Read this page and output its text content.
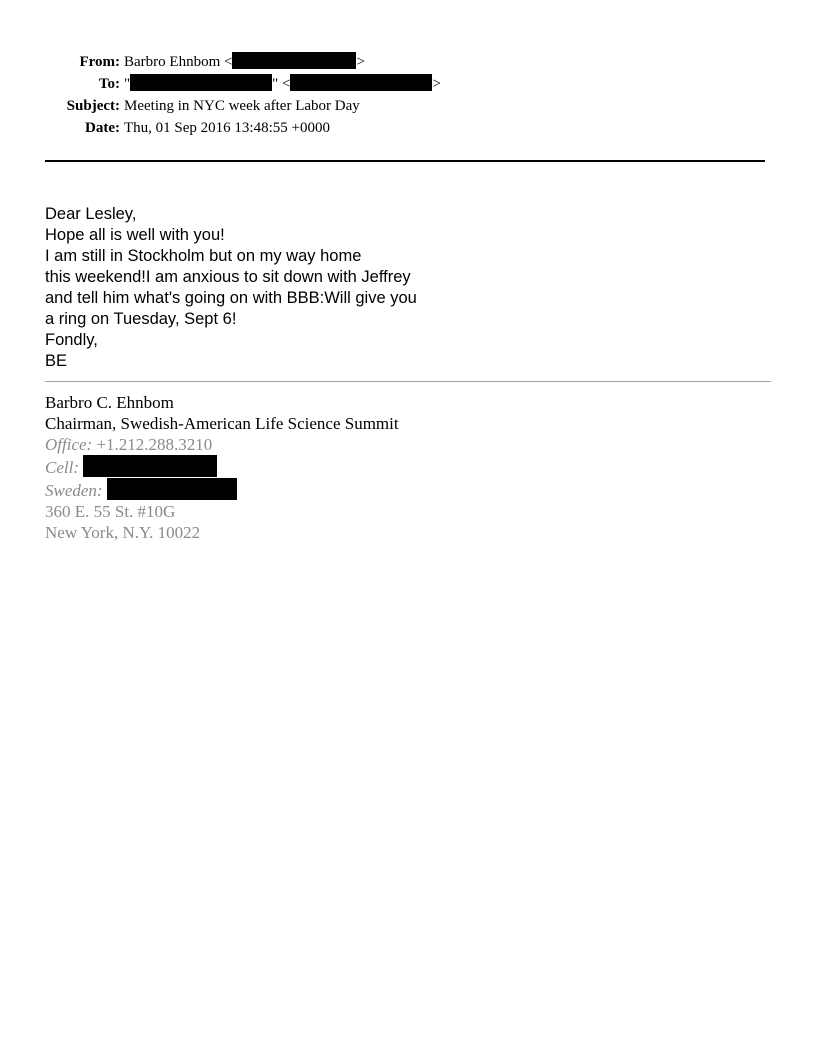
From: Barbro Ehnbom <	>
To: "	" <	>
Subject: Meeting in NYC week after Labor Day
Date: Thu, 01 Sep 2016 13:48:55 +0000
Dear Lesley,
Hope all is well with you!
I am still in Stockholm but on my way home
this weekend!I am anxious to sit down with Jeffrey
and tell him what's going on with BBB:Will give you
a ring on Tuesday, Sept 6!
Fondly,
BE
Barbro C. Ehnbom
Chairman, Swedish-American Life Science Summit
Office: +1.212.288.3210
Cell:
Sweden:
360 E. 55 St. #10G
New York, N.Y. 10022
